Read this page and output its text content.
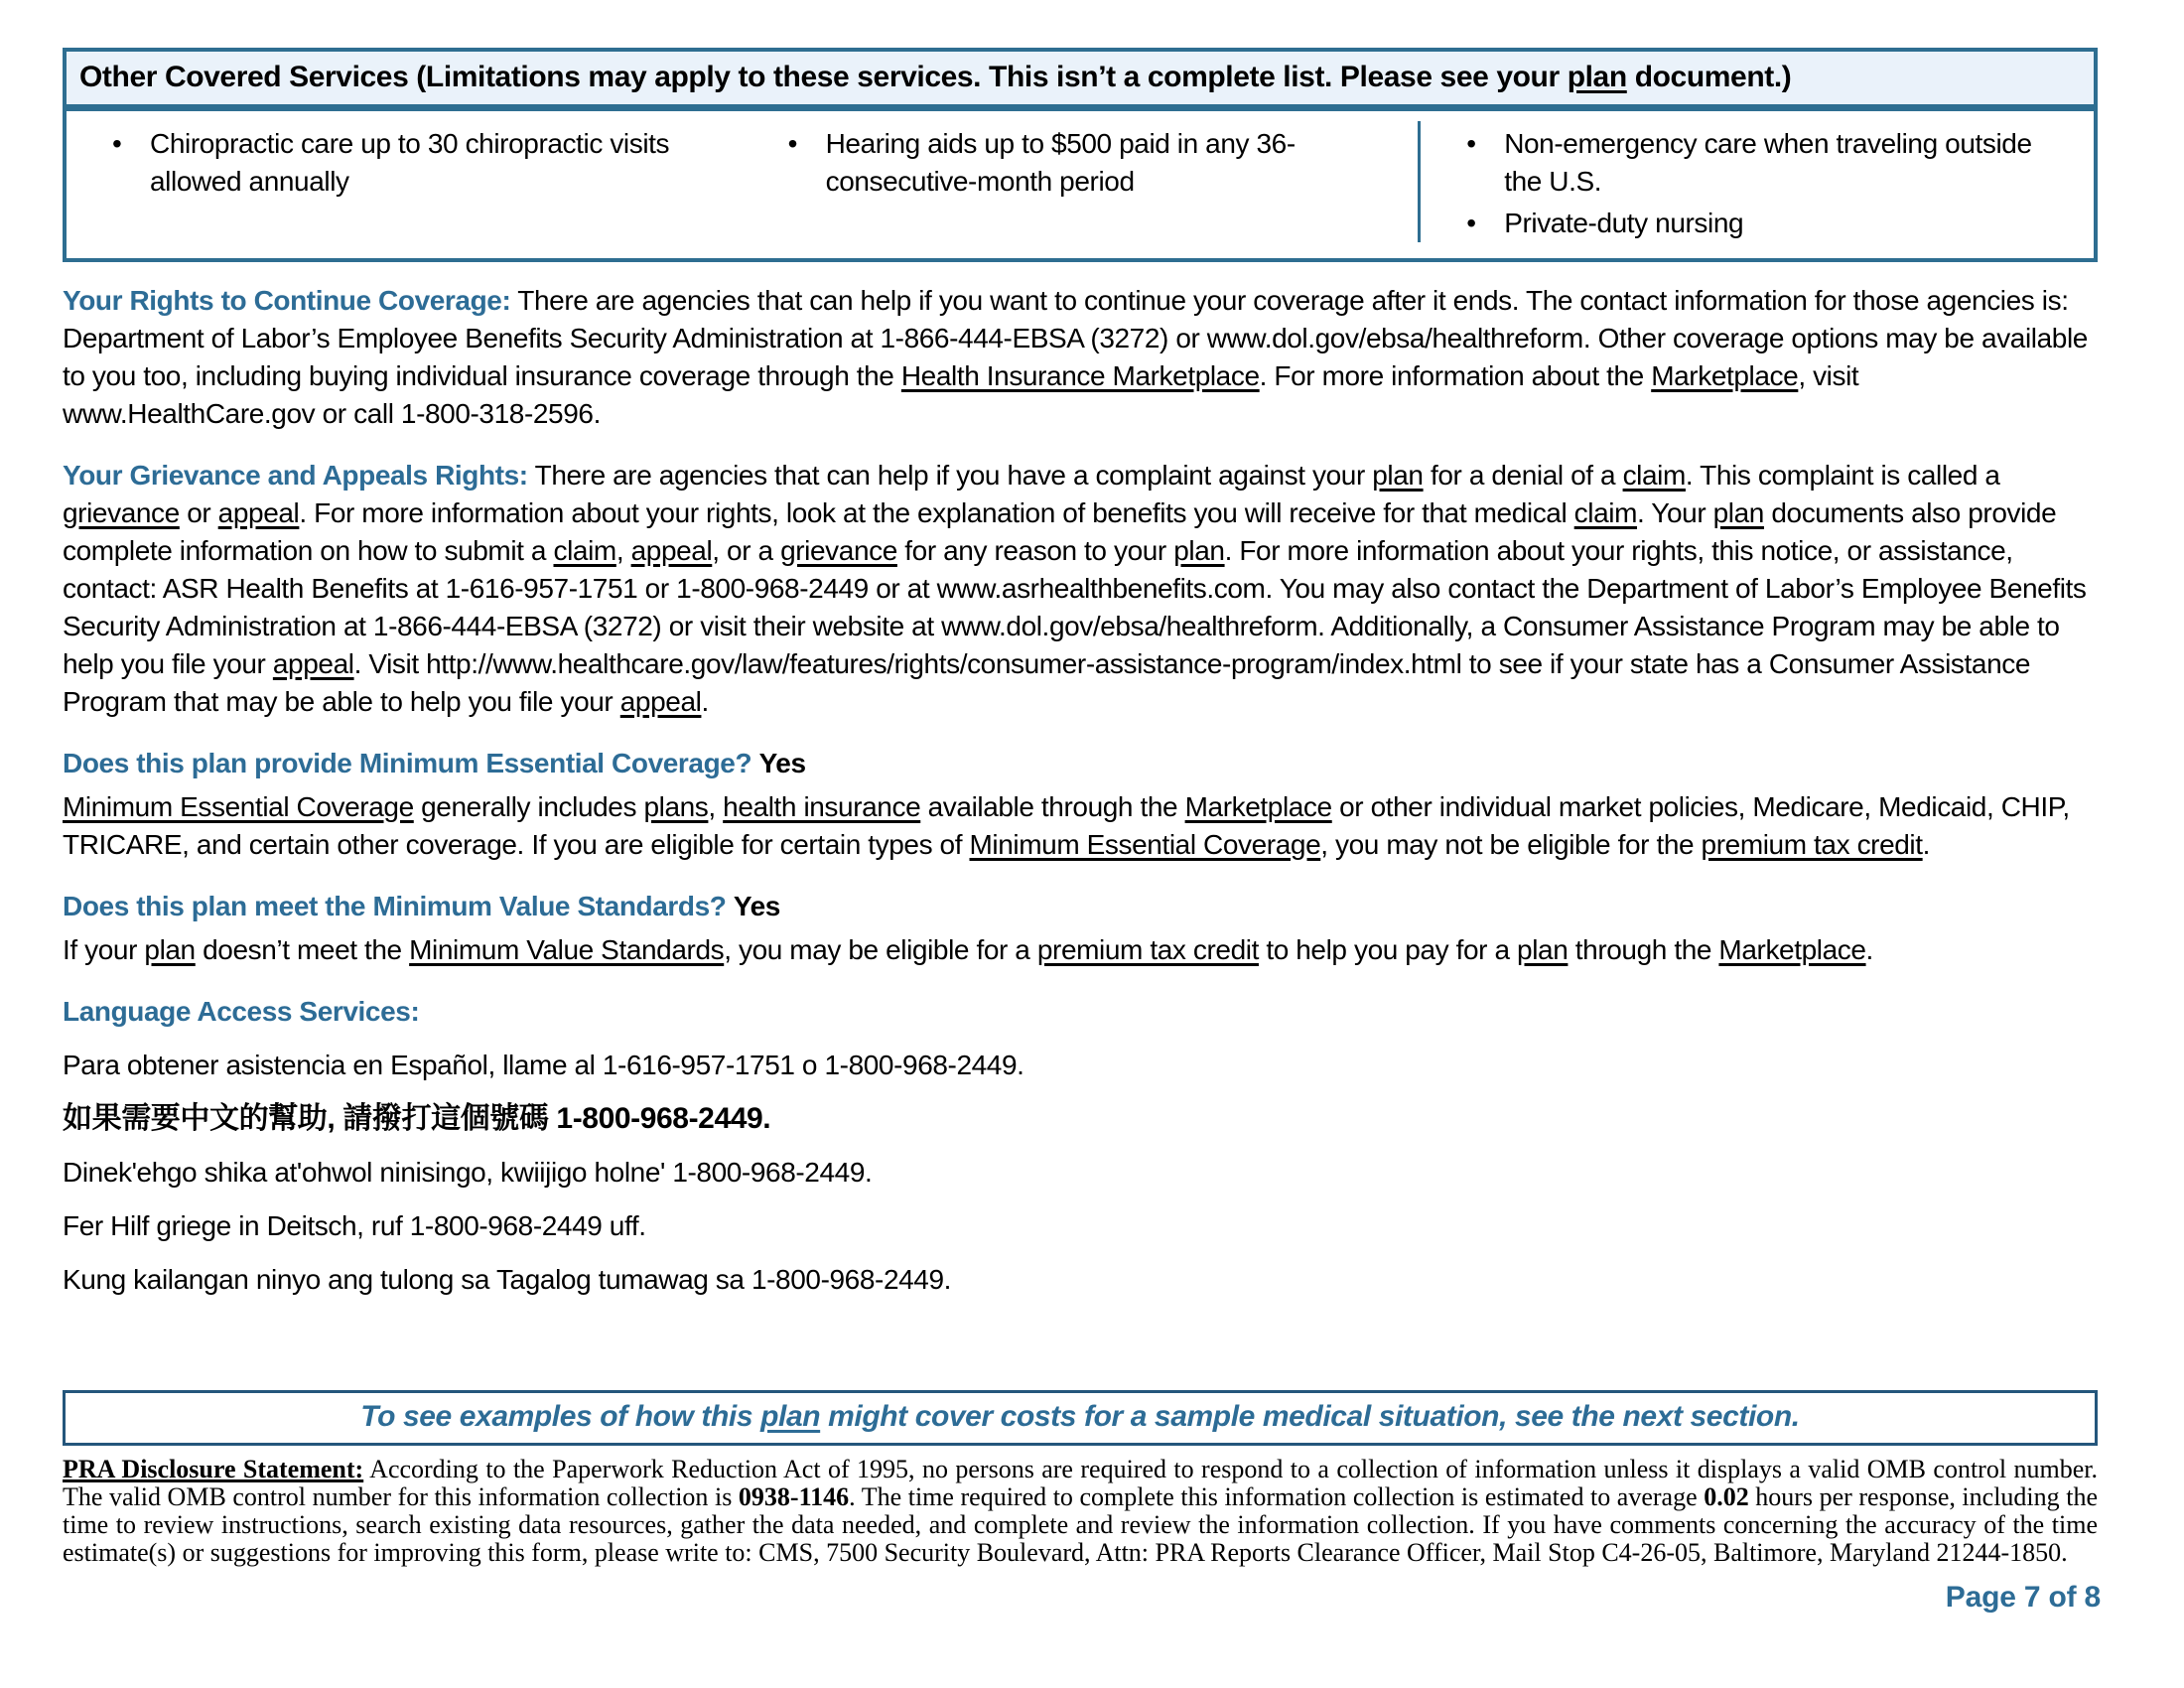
Other Covered Services (Limitations may apply to these services. This isn’t a complete list. Please see your plan document.)
•	Chiropractic care up to 30 chiropractic visits allowed annually
•	Hearing aids up to $500 paid in any 36-consecutive-month period
•	Non-emergency care when traveling outside the U.S.
•	Private-duty nursing

Your Rights to Continue Coverage: There are agencies that can help if you want to continue your coverage after it ends. The contact information for those agencies is: Department of Labor’s Employee Benefits Security Administration at 1-866-444-EBSA (3272) or www.dol.gov/ebsa/healthreform. Other coverage options may be available to you too, including buying individual insurance coverage through the Health Insurance Marketplace. For more information about the Marketplace, visit www.HealthCare.gov or call 1-800-318-2596.

Your Grievance and Appeals Rights: There are agencies that can help if you have a complaint against your plan for a denial of a claim. This complaint is called a grievance or appeal. For more information about your rights, look at the explanation of benefits you will receive for that medical claim. Your plan documents also provide complete information on how to submit a claim, appeal, or a grievance for any reason to your plan. For more information about your rights, this notice, or assistance, contact: ASR Health Benefits at 1-616-957-1751 or 1-800-968-2449 or at www.asrhealthbenefits.com. You may also contact the Department of Labor’s Employee Benefits Security Administration at 1-866-444-EBSA (3272) or visit their website at www.dol.gov/ebsa/healthreform. Additionally, a Consumer Assistance Program may be able to help you file your appeal. Visit http://www.healthcare.gov/law/features/rights/consumer-assistance-program/index.html to see if your state has a Consumer Assistance Program that may be able to help you file your appeal.

Does this plan provide Minimum Essential Coverage? Yes

Minimum Essential Coverage generally includes plans, health insurance available through the Marketplace or other individual market policies, Medicare, Medicaid, CHIP, TRICARE, and certain other coverage. If you are eligible for certain types of Minimum Essential Coverage, you may not be eligible for the premium tax credit.

Does this plan meet the Minimum Value Standards? Yes

If your plan doesn’t meet the Minimum Value Standards, you may be eligible for a premium tax credit to help you pay for a plan through the Marketplace.

Language Access Services:

Para obtener asistencia en Español, llame al 1-616-957-1751 o 1-800-968-2449.

如果需要中文的幫助, 請撥打這個號碼 1-800-968-2449.

Dinek'ehgo shika at'ohwol ninisingo, kwiijigo holne' 1-800-968-2449.

Fer Hilf griege in Deitsch, ruf 1-800-968-2449 uff.

Kung kailangan ninyo ang tulong sa Tagalog tumawag sa 1-800-968-2449.

To see examples of how this plan might cover costs for a sample medical situation, see the next section.

PRA Disclosure Statement: According to the Paperwork Reduction Act of 1995, no persons are required to respond to a collection of information unless it displays a valid OMB control number. The valid OMB control number for this information collection is 0938-1146. The time required to complete this information collection is estimated to average 0.02 hours per response, including the time to review instructions, search existing data resources, gather the data needed, and complete and review the information collection. If you have comments concerning the accuracy of the time estimate(s) or suggestions for improving this form, please write to: CMS, 7500 Security Boulevard, Attn: PRA Reports Clearance Officer, Mail Stop C4-26-05, Baltimore, Maryland 21244-1850.

Page 7 of 8
